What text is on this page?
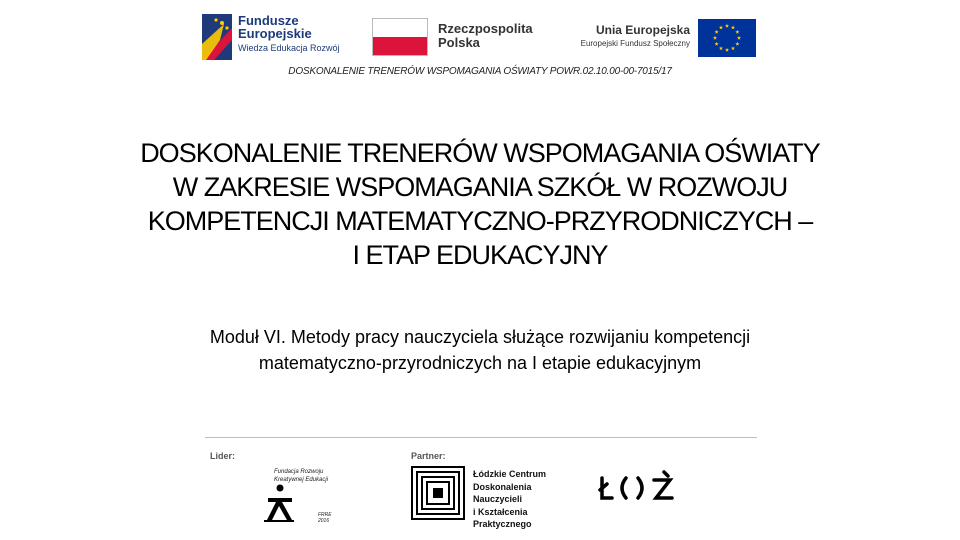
Fundusze
Europejskie
Wiedza Edukacja Rozwój
Rzeczpospolita
Polska
Unia Europejska
Europejski Fundusz Społeczny
DOSKONALENIE TRENERÓW WSPOMAGANIA OŚWIATY POWR.02.10.00-00-7015/17
DOSKONALENIE TRENERÓW WSPOMAGANIA OŚWIATY
W ZAKRESIE WSPOMAGANIA SZKÓŁ W ROZWOJU
KOMPETENCJI MATEMATYCZNO-PRZYRODNICZYCH –
I ETAP EDUKACYJNY
Moduł VI. Metody pracy nauczyciela służące rozwijaniu kompetencji
matematyczno-przyrodniczych na I etapie edukacyjnym
Lider:	Partner:
Fundacja Rozwoju
Kreatywnej Edukacji
FRRE 2016
Łódzkie Centrum
Doskonalenia Nauczycieli
i Kształcenia Praktycznego
